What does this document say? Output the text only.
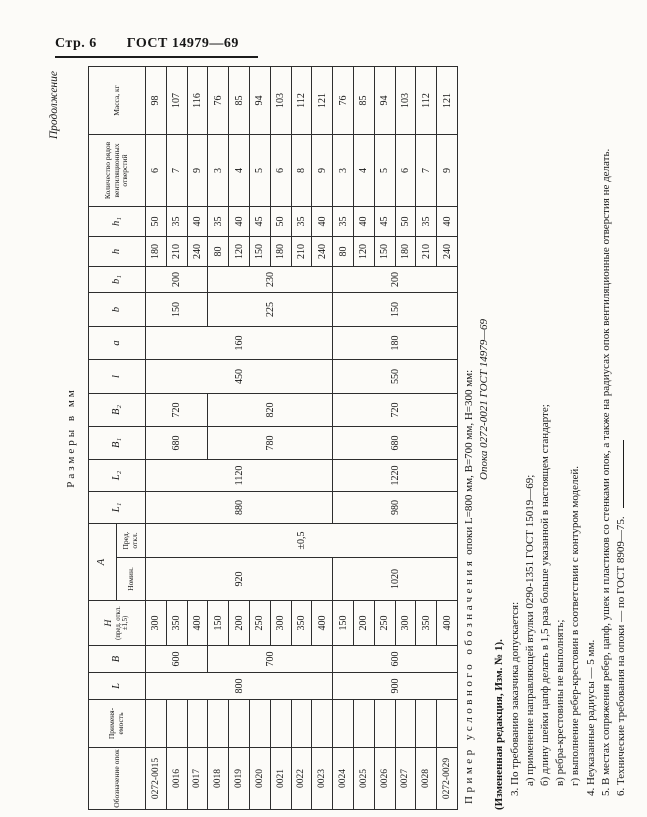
Стр. 6 ГОСТ 14979—69
Продолжение
Размеры в мм
Обозначение опок	Применя- емость	L	B	Н (пред. откл. ±1,5)	А		L₁	L₂	B₁	B₂	l	a	b	b₁	h	h₁	Количество рядов вентиляционных отверстий	Масса, кг
					Номин.	Пред. откл.												
0272-0015		800	600	300	920	±0,5	880	1120	680	720	450	160	150	200	180	50	6	98
0016				350											210	35	7	107
0017				400											240	40	9	116
0018			700	150					780	820			225	230	80	35	3	76
0019				200											120	40	4	85
0020				250											150	45	5	94
0021				300											180	50	6	103
0022				350											210	35	8	112
0023				400											240	40	9	121
0024		900	600	150	1020		980	1220	680	720	550	180	150	200	80	35	3	76
0025				200											120	40	4	85
0026				250											150	45	5	94
0027				300											180	50	6	103
0028				350											210	35	7	112
0272-0029				400											240	40	9	121

Пример условного обозначения опоки L=800 мм, В=700 мм, Н=300 мм: Опока 0272-0021 ГОСТ 14979—69

(Измененная редакция, Изм. № 1). 3. По требованию заказчика допускается: а) применение направляющей втулки 0290-1351 ГОСТ 15019—69; б) длину шейки цапф делать в 1,5 раза больше указанной в настоящем стандарте; в) ребра-крестовины не выполнять; г) выполнение ребер-крестовин в соответствии с контуром моделей. 4. Неуказанные радиусы — 5 мм. 5. В местах сопряжения ребер, цапф, ушек и пластиков со стенками опок, а также на радиусах опок вентиляционные отверстия не делать. 6. Технические требования на опоки — по ГОСТ 8909—75.
